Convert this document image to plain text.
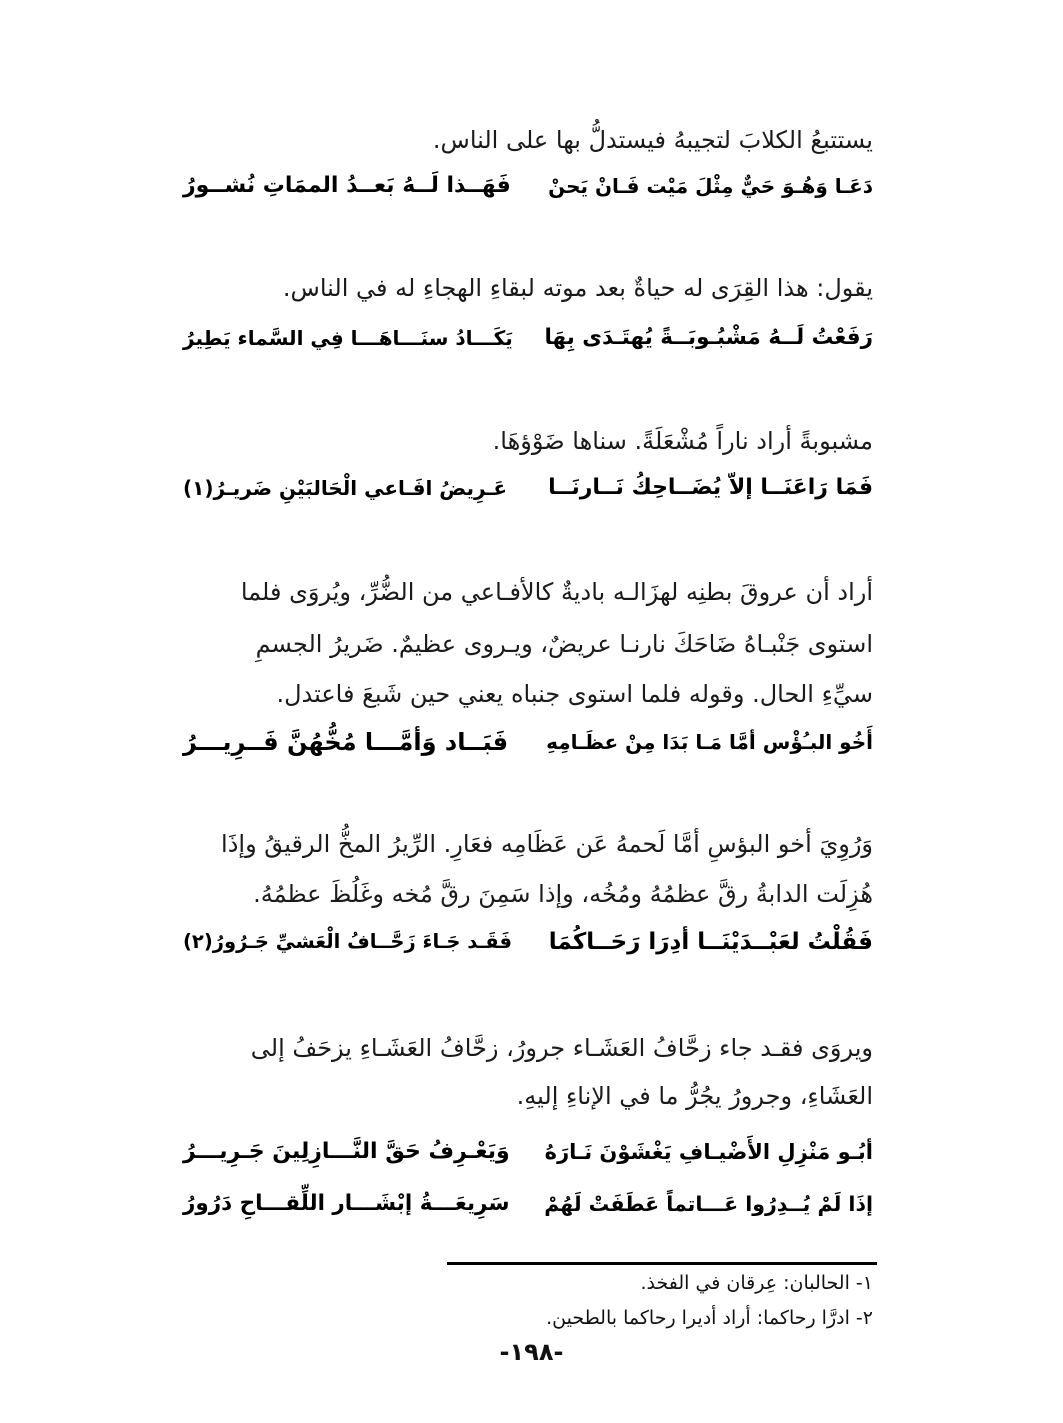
يستتبعُ الكلابَ لتجيبهُ فيستدلُّ بها على الناس.
دَعَـا وَهُـوَ حَيٌّ مِثْلَ مَيْت فَـانْ يَحنْ
فَهَــذا لَــهُ بَعــدُ الممَاتِ نُشــورُ
يقول: هذا القِرَى له حياةٌ بعد موته لبقاءِ الهجاءِ له في الناس.
رَفَعْتُ لَــهُ مَشْبُـوبَــةً يُهتَـدَى بِهَا
يَكَـــادُ سنَـــاهَـــا فِي السَّماء يَطِيرُ
مشبوبةً أراد ناراً مُشْعَلَةً. سناها ضَوْؤهَا.
فَمَا رَاعَنَــا إلاّ يُضَــاحِكُ نَــارنَــا
عَـرِيضُ افَـاعي الْحَالبَيْنِ ضَريـرُ(١)
أراد أن عروقَ بطنِه لهزَالـه باديةٌ كالأفـاعي من الضُّرِّ، ويُروَى فلما
استوى جَنْبـاهُ ضَاحَكَ نارنـا عريضٌ، ويـروى عظيمٌ. ضَريرُ الجسمِ
سيِّءِ الحال. وقوله فلما استوى جنباه يعني حين شَبعَ فاعتدل.
أَخُو البـُؤْس أمَّا مَـا بَدَا مِنْ عظَـامِهِ
فَبَــاد وَأمَّـــا مُخُّهُنَّ فَــرِيـــرُ
وَرُوِيَ أخو البؤسِ أمَّا لَحمهُ عَن عَظَامِه فعَارِ. الرِّيرُ المخُّ الرقيقُ وإذَا
هُزِلَت الدابةُ رقَّ عظمُهُ ومُخُه، وإذا سَمِنَ رقَّ مُخه وغَلُظَ عظمُهُ.
فَقُلْتُ لعَبْــدَيْنَــا أدِرَا رَحَــاكُمَا
فَقَـد جَـاءَ زَحَّــافُ الْعَشيِّ جَـرُورُ(٢)
ويروَى فقـد جاء زحَّافُ العَشَـاء جرورُ، زحَّافُ العَشَـاءِ يزحَفُ إلى
العَشَاءِ، وجرورُ يجُرُّ ما في الإناءِ إليهِ.
أبُـو مَنْزِلِ الأَضْيـافِ يَغْشَوْنَ نَـارَهُ
وَيَعْـرِفُ حَقَّ النَّـــازِلِينَ جَـرِيـــرُ
إذَا لَمْ يُــدِرُوا عَـــاتماً عَطَفَتْ لَهُمْ
سَرِيعَـــةُ إبْشَـــار اللِّقـــاحِ دَرُورُ
١- الحالبان: عِرقان في الفخذ.
٢- ادرَّا رحاكما: أراد أديرا رحاكما بالطحين.
-١٩٨-
